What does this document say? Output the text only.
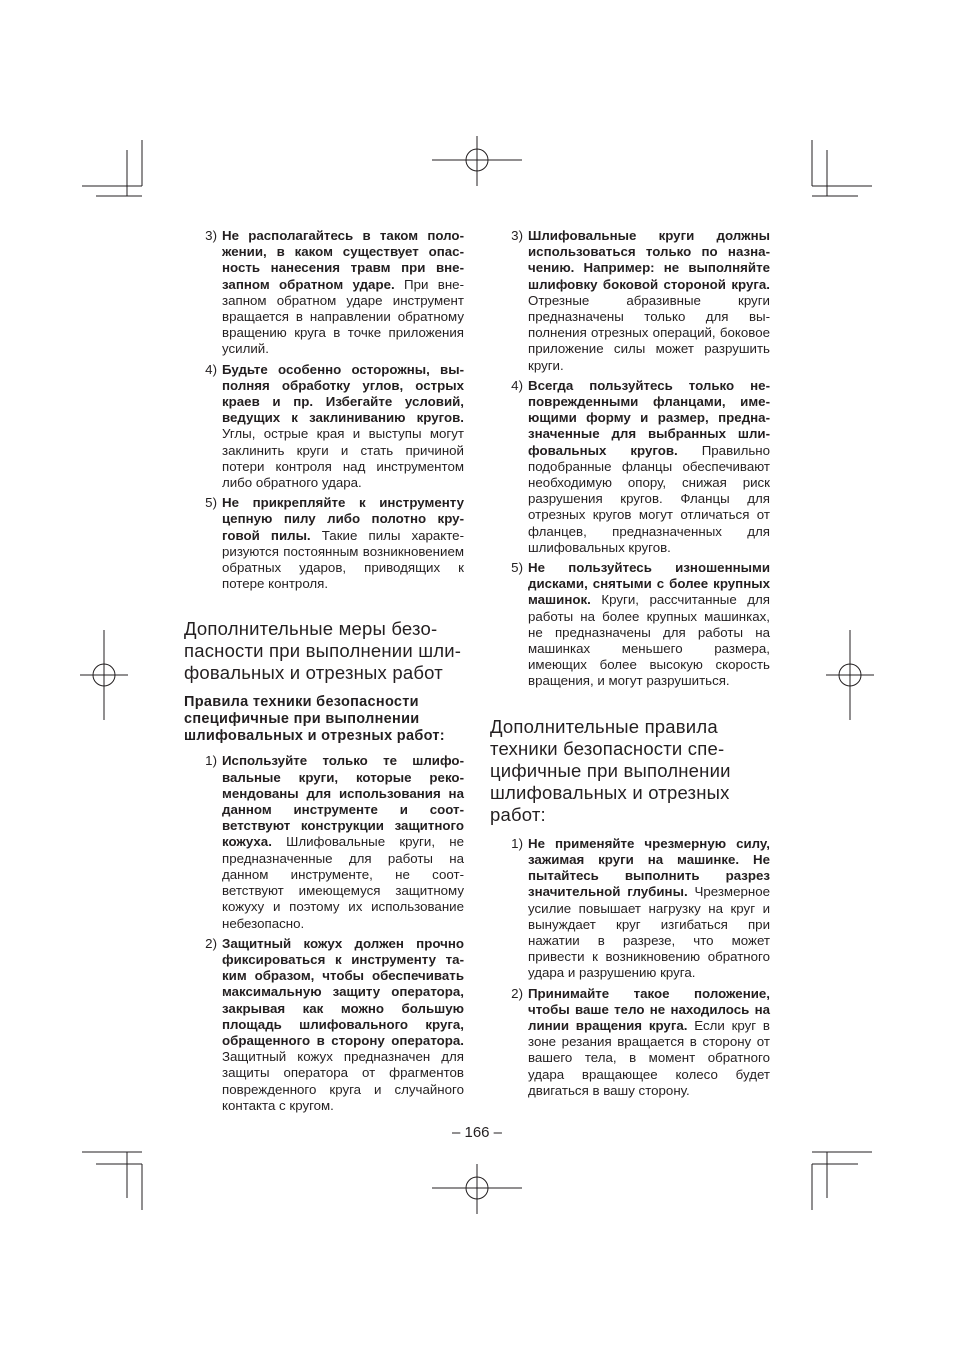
3) Не располагайтесь в таком положении, в каком существует опасность нанесения травм при внезапном обратном ударе. При внезапном обратном ударе инструмент вращается в направлении обратному вращению круга в точке приложения усилий.
4) Будьте особенно осторожны, выполняя обработку углов, острых краев и пр. Избегайте условий, ведущих к заклиниванию кругов. Углы, острые края и выступы могут заклинить круги и стать причиной потери контроля над инструментом либо обратного удара.
5) Не прикрепляйте к инструменту цепную пилу либо полотно круговой пилы. Такие пилы характеризуются постоянным возникновением обратных ударов, приводящих к потере контроля.
Дополнительные меры безопасности при выполнении шлифовальных и отрезных работ
Правила техники безопасности специфичные при выполнении шлифовальных и отрезных работ:
1) Используйте только те шлифовальные круги, которые рекомендованы для использования на данном инструменте и соответствуют конструкции защитного кожуха. Шлифовальные круги, не предназначенные для работы на данном инструменте, не соответствуют имеющемуся защитному кожуху и поэтому их использование небезопасно.
2) Защитный кожух должен прочно фиксироваться к инструменту таким образом, чтобы обеспечивать максимальную защиту оператора, закрывая как можно большую площадь шлифовального круга, обращенного в сторону оператора. Защитный кожух предназначен для защиты оператора от фрагментов поврежденного круга и случайного контакта с кругом.
3) Шлифовальные круги должны использоваться только по назначению. Например: не выполняйте шлифовку боковой стороной круга. Отрезные абразивные круги предназначены только для выполнения отрезных операций, боковое приложение силы может разрушить круги.
4) Всегда пользуйтесь только неповрежденными фланцами, имеющими форму и размер, предназначенные для выбранных шлифовальных кругов. Правильно подобранные фланцы обеспечивают необходимую опору, снижая риск разрушения кругов. Фланцы для отрезных кругов могут отличаться от фланцев, предназначенных для шлифовальных кругов.
5) Не пользуйтесь изношенными дисками, снятыми с более крупных машинок. Круги, рассчитанные для работы на более крупных машинках, не предназначены для работы на машинках меньшего размера, имеющих более высокую скорость вращения, и могут разрушиться.
Дополнительные правила техники безопасности специфичные при выполнении шлифовальных и отрезных работ:
1) Не применяйте чрезмерную силу, зажимая круги на машинке. Не пытайтесь выполнить разрез значительной глубины. Чрезмерное усилие повышает нагрузку на круг и вынуждает круг изгибаться при нажатии в разрезе, что может привести к возникновению обратного удара и разрушению круга.
2) Принимайте такое положение, чтобы ваше тело не находилось на линии вращения круга. Если круг в зоне резания вращается в сторону от вашего тела, в момент обратного удара вращающее колесо будет двигаться в вашу сторону.
– 166 –
